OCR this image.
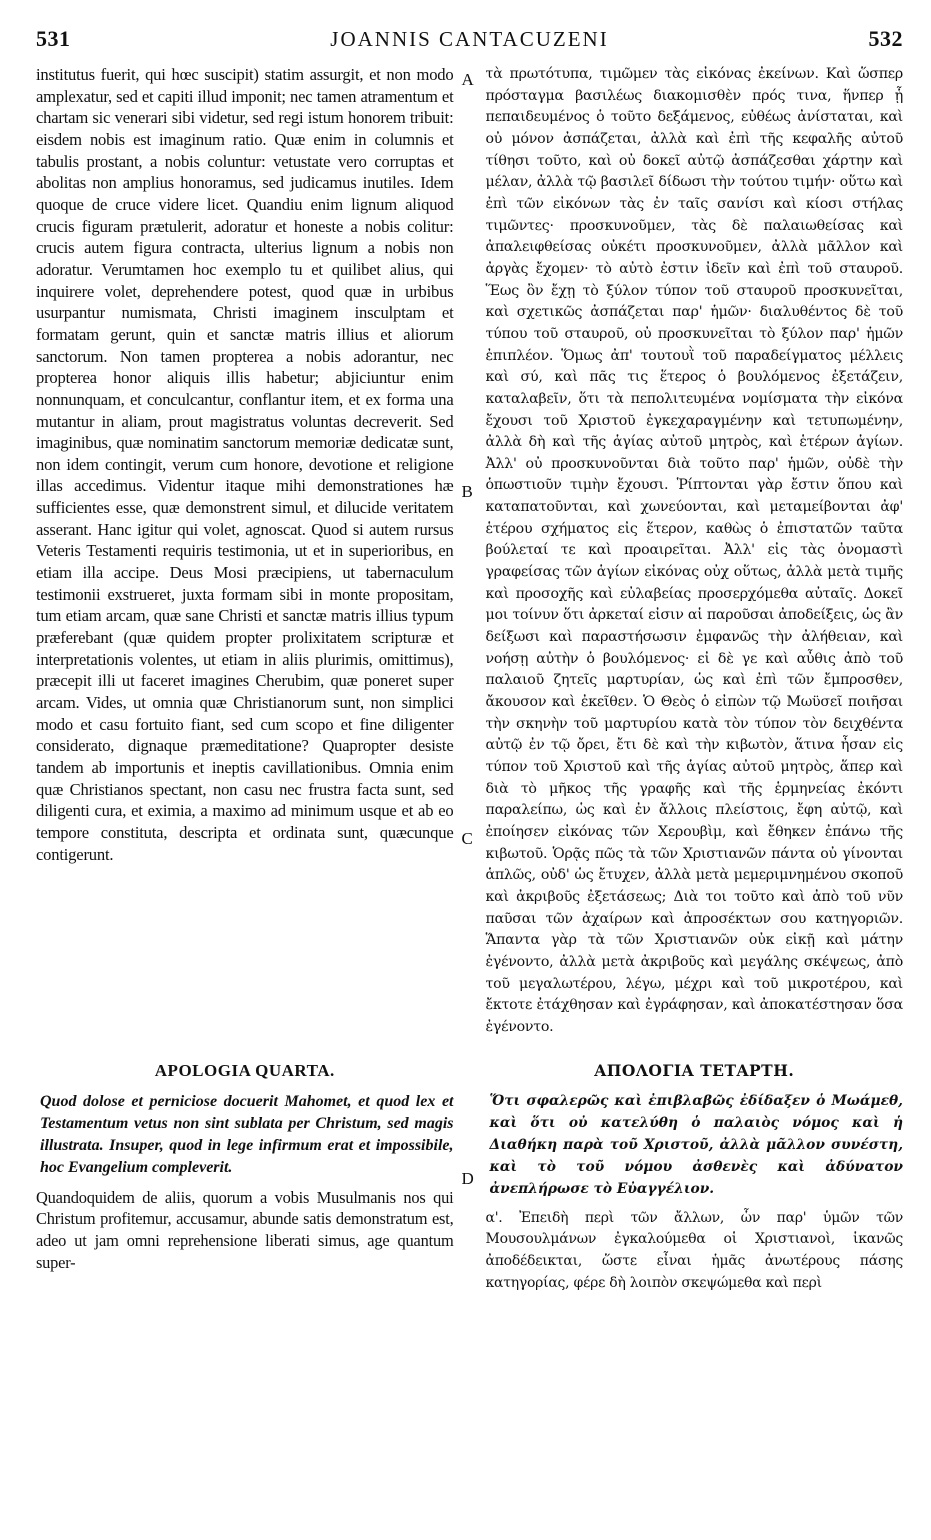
531	JOANNIS CANTACUZENI	532

institutus fuerit, qui hœc suscipit) statim assurgit, et non modo amplexatur, sed et capiti illud imponit; nec tamen atramentum et chartam sic venerari sibi videtur, sed regi istum honorem tribuit: eisdem nobis est imaginum ratio. Quæ enim in columnis et tabulis prostant, a nobis coluntur: vetustate vero corruptas et abolitas non amplius honoramus, sed judicamus inutiles. Idem quoque de cruce videre licet. Quandiu enim lignum aliquod crucis figuram prætulerit, adoratur et honeste a nobis colitur: crucis autem figura contracta, ulterius lignum a nobis non adoratur. Verumtamen hoc exemplo tu et quilibet alius, qui inquirere volet, deprehendere potest, quod quæ in urbibus usurpantur numismata, Christi imaginem insculptam et formatam gerunt, quin et sanctæ matris illius et aliorum sanctorum. Non tamen propterea a nobis adorantur, nec propterea honor aliquis illis habetur; abjiciuntur enim nonnunquam, et conculcantur, conflantur item, et ex forma una mutantur in aliam, prout magistratus voluntas decreverit. Sed imaginibus, quæ nominatim sanctorum memoriæ dedicatæ sunt, non idem contingit, verum cum honore, devotione et religione illas accedimus. Videntur itaque mihi demonstrationes hæ sufficientes esse, quæ demonstrent simul, et dilucide veritatem asserant. Hanc igitur qui volet, agnoscat. Quod si autem rursus Veteris Testamenti requiris testimonia, ut et in superioribus, en etiam illa accipe. Deus Mosi præcipiens, ut tabernaculum testimonii exstrueret, juxta formam sibi in monte propositam, tum etiam arcam, quæ sane Christi et sanctæ matris illius typum præferebant (quæ quidem propter prolixitatem scripturæ et interpretationis volentes, ut etiam in aliis plurimis, omittimus), præcepit illi ut faceret imagines Cherubim, quæ poneret super arcam. Vides, ut omnia quæ Christianorum sunt, non simplici modo et casu fortuito fiant, sed cum scopo et fine diligenter considerato, dignaque præmeditatione? Quapropter desiste tandem ab importunis et ineptis cavillationibus. Omnia enim quæ Christianos spectant, non casu nec frustra facta sunt, sed diligenti cura, et eximia, a maximo ad minimum usque et ab eo tempore constituta, descripta et ordinata sunt, quæcunque contigerunt.

A
B
C
D

τὰ πρωτότυπα, τιμῶμεν τὰς εἰκόνας ἐκείνων. Καὶ ὥσπερ πρόσταγμα βασιλέως διακομισθὲν πρός τινα, ἥνπερ ᾗ πεπαιδευμένος ὁ τοῦτο δεξάμενος, εὐθέως ἀνίσταται, καὶ οὐ μόνον ἀσπάζεται, ἀλλὰ καὶ ἐπὶ τῆς κεφαλῆς αὐτοῦ τίθησι τοῦτο, καὶ οὐ δοκεῖ αὐτῷ ἀσπάζεσθαι χάρτην καὶ μέλαν, ἀλλὰ τῷ βασιλεῖ δίδωσι τὴν τούτου τιμήν· οὕτω καὶ ἐπὶ τῶν εἰκόνων τὰς ἐν ταῖς σανίσι καὶ κίοσι στήλας τιμῶντες· προσκυνοῦμεν, τὰς δὲ παλαιωθείσας καὶ ἀπαλειφθείσας οὐκέτι προσκυνοῦμεν, ἀλλὰ μᾶλλον καὶ ἀργὰς ἔχομεν· τὸ αὐτὸ ἐστιν ἰδεῖν καὶ ἐπὶ τοῦ σταυροῦ. Ἕως ὂν ἔχῃ τὸ ξύλον τύπον τοῦ σταυροῦ προσκυνεῖται, καὶ σχετικῶς ἀσπάζεται παρ' ἡμῶν· διαλυθέντος δὲ τοῦ τύπου τοῦ σταυροῦ, οὐ προσκυνεῖται τὸ ξύλον παρ' ἡμῶν ἐπιπλέον. Ὅμως ἀπ' τουτουῒ τοῦ παραδείγματος μέλλεις καὶ σύ, καὶ πᾶς τις ἕτερος ὁ βουλόμενος ἐξετάζειν, καταλαβεῖν, ὅτι τὰ πεπολιτευμένα νομίσματα τὴν εἰκόνα ἔχουσι τοῦ Χριστοῦ ἐγκεχαραγμένην καὶ τετυπωμένην, ἀλλὰ δὴ καὶ τῆς ἁγίας αὐτοῦ μητρὸς, καὶ ἑτέρων ἁγίων. Ἀλλ' οὐ προσκυνοῦνται διὰ τοῦτο παρ' ἡμῶν, οὐδὲ τὴν ὁπωστιοῦν τιμὴν ἔχουσι. Ῥίπτονται γὰρ ἔστιν ὅπου καὶ καταπατοῦνται, καὶ χωνεύονται, καὶ μεταμείβονται ἀφ' ἑτέρου σχήματος εἰς ἕτερον, καθὼς ὁ ἐπιστατῶν ταῦτα βούλεταί τε καὶ προαιρεῖται. Ἀλλ' εἰς τὰς ὀνομαστὶ γραφείσας τῶν ἁγίων εἰκόνας οὐχ οὕτως, ἀλλὰ μετὰ τιμῆς καὶ προσοχῆς καὶ εὐλαβείας προσερχόμεθα αὐταῖς. Δοκεῖ μοι τοίνυν ὅτι ἀρκεταί εἰσιν αἱ παροῦσαι ἀποδείξεις, ὡς ἂν δείξωσι καὶ παραστήσωσιν ἐμφανῶς τὴν ἀλήθειαν, καὶ νοήσῃ αὐτὴν ὁ βουλόμενος· εἰ δὲ γε καὶ αὖθις ἀπὸ τοῦ παλαιοῦ ζητεῖς μαρτυρίαν, ὡς καὶ ἐπὶ τῶν ἔμπροσθεν, ἄκουσον καὶ ἐκεῖθεν. Ὁ Θεὸς ὁ εἰπὼν τῷ Μωϋσεῖ ποιῆσαι τὴν σκηνὴν τοῦ μαρτυρίου κατὰ τὸν τύπον τὸν δειχθέντα αὐτῷ ἐν τῷ ὄρει, ἔτι δὲ καὶ τὴν κιβωτὸν, ἅτινα ἦσαν εἰς τύπον τοῦ Χριστοῦ καὶ τῆς ἁγίας αὐτοῦ μητρὸς, ἅπερ καὶ διὰ τὸ μῆκος τῆς γραφῆς καὶ τῆς ἑρμηνείας ἐκόντι παραλείπω, ὡς καὶ ἐν ἄλλοις πλείστοις, ἔφη αὐτῷ, καὶ ἐποίησεν εἰκόνας τῶν Χερουβὶμ, καὶ ἔθηκεν ἐπάνω τῆς κιβωτοῦ. Ὁρᾷς πῶς τὰ τῶν Χριστιανῶν πάντα οὐ γίνονται ἁπλῶς, οὐδ' ὡς ἔτυχεν, ἀλλὰ μετὰ μεμεριμνημένου σκοποῦ καὶ ἀκριβοῦς ἐξετάσεως; Διὰ τοι τοῦτο καὶ ἀπὸ τοῦ νῦν παῦσαι τῶν ἀχαίρων καὶ ἀπροσέκτων σου κατηγοριῶν. Ἅπαντα γὰρ τὰ τῶν Χριστιανῶν οὐκ εἰκῇ καὶ μάτην ἐγένοντο, ἀλλὰ μετὰ ἀκριβοῦς καὶ μεγάλης σκέψεως, ἀπὸ τοῦ μεγαλωτέρου, λέγω, μέχρι καὶ τοῦ μικροτέρου, καὶ ἔκτοτε ἐτάχθησαν καὶ ἐγράφησαν, καὶ ἀποκατέστησαν ὅσα ἐγένοντο.

APOLOGIA QUARTA.

Quod dolose et perniciose docuerit Mahomet, et quod lex et Testamentum vetus non sint sublata per Christum, sed magis illustrata. Insuper, quod in lege infirmum erat et impossibile, hoc Evangelium compleverit.

Quandoquidem de aliis, quorum a vobis Musulmanis nos qui Christum profitemur, accusamur, abunde satis demonstratum est, adeo ut jam omni reprehensione liberati simus, age quantum super-

ΑΠΟΛΟΓΙΑ ΤΕΤΑΡΤΗ.

Ὅτι σφαλερῶς καὶ ἐπιβλαβῶς ἐδίδαξεν ὁ Μωάμεθ, καὶ ὅτι οὐ κατελύθη ὁ παλαιὸς νόμος καὶ ἡ Διαθήκη παρὰ τοῦ Χριστοῦ, ἀλλὰ μᾶλλον συνέστη, καὶ τὸ τοῦ νόμου ἀσθενὲς καὶ ἀδύνατον ἀνεπλήρωσε τὸ Εὐαγγέλιον.

α'. Ἐπειδὴ περὶ τῶν ἄλλων, ὧν παρ' ὑμῶν τῶν Μουσουλμάνων ἐγκαλούμεθα οἱ Χριστιανοὶ, ἱκανῶς ἀποδέδεικται, ὥστε εἶναι ἡμᾶς ἀνωτέρους πάσης κατηγορίας, φέρε δὴ λοιπὸν σκεψώμεθα καὶ περὶ
